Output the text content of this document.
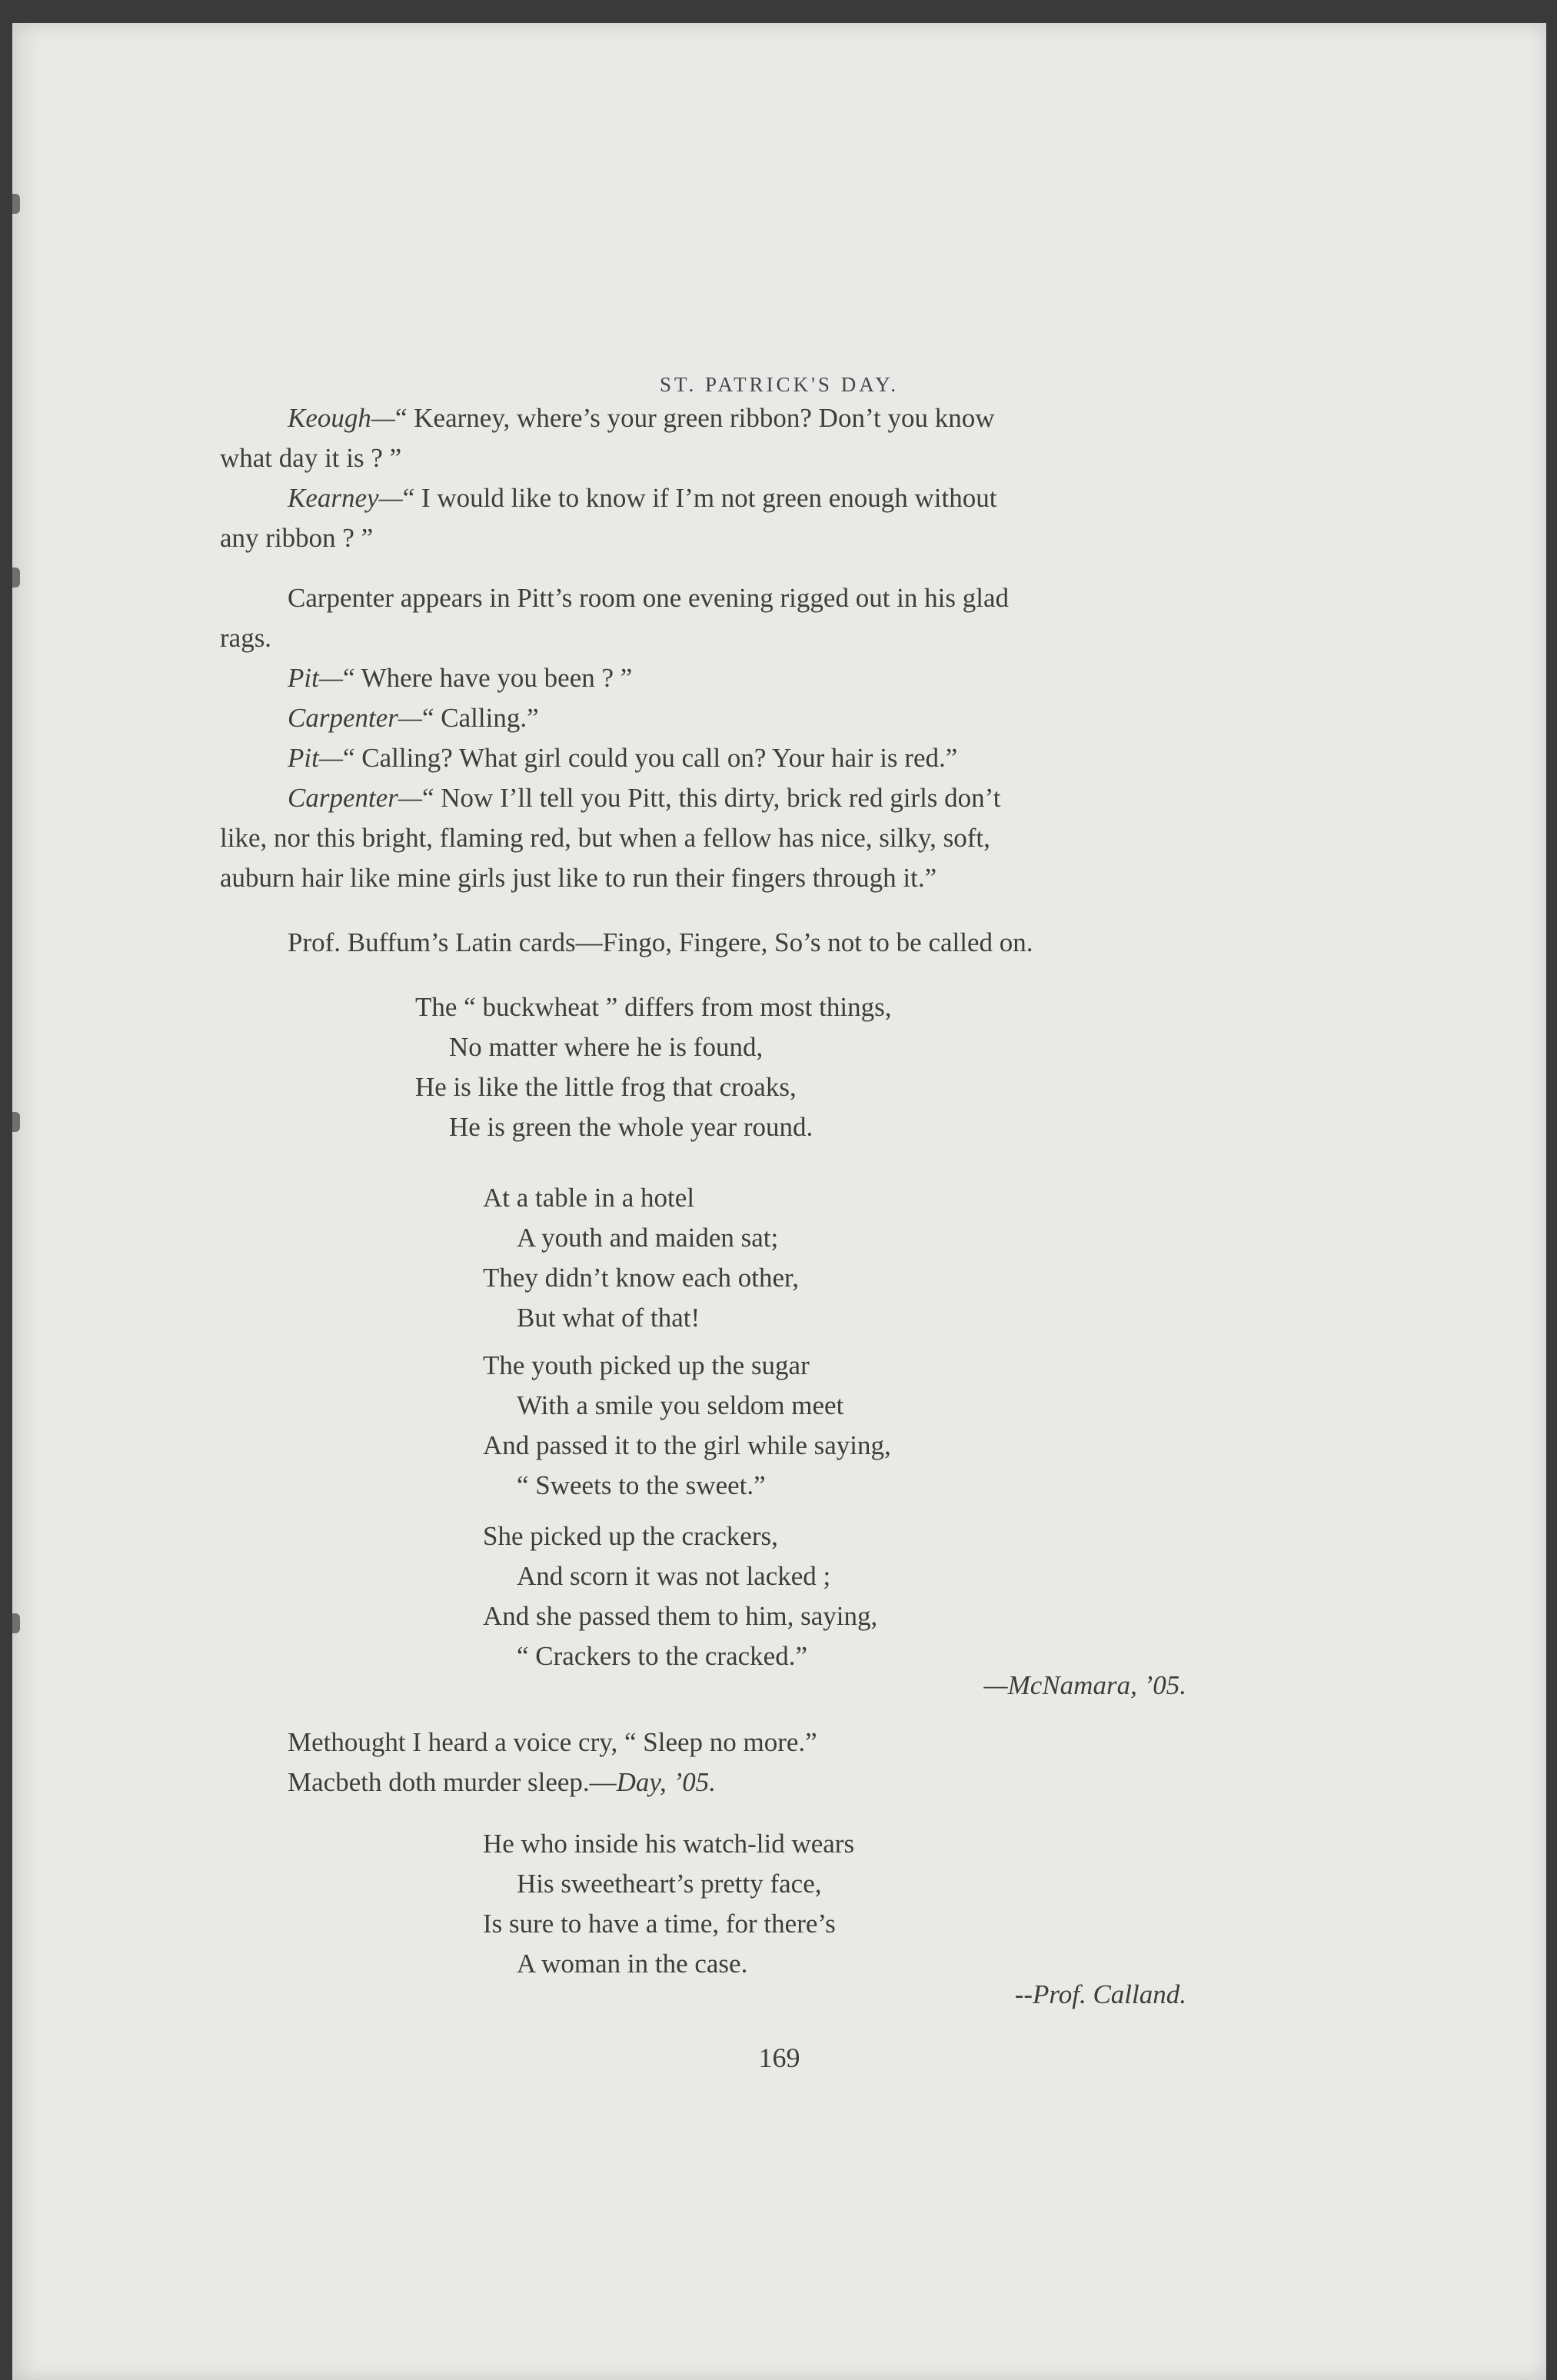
ST. PATRICK'S DAY.

Keough—“ Kearney, where’s your green ribbon? Don’t you know

what day it is ? ”

Kearney—“ I would like to know if I’m not green enough without

any ribbon ? ”

Carpenter appears in Pitt’s room one evening rigged out in his glad

rags.

Pit—“ Where have you been ? ”

Carpenter—“ Calling.”

Pit—“ Calling? What girl could you call on? Your hair is red.”

Carpenter—“ Now I’ll tell you Pitt, this dirty, brick red girls don’t

like, nor this bright, flaming red, but when a fellow has nice, silky, soft,

auburn hair like mine girls just like to run their fingers through it.”

Prof. Buffum’s Latin cards—Fingo, Fingere, So’s not to be called on.

The “ buckwheat ” differs from most things,
No matter where he is found,
He is like the little frog that croaks,
He is green the whole year round.
At a table in a hotel
A youth and maiden sat;
They didn’t know each other,
But what of that!
The youth picked up the sugar
With a smile you seldom meet
And passed it to the girl while saying,
“ Sweets to the sweet.”
She picked up the crackers,
And scorn it was not lacked ;
And she passed them to him, saying,
“ Crackers to the cracked.”
—McNamara, ’05.
Methought I heard a voice cry, “ Sleep no more.”
Macbeth doth murder sleep.—Day, ’05.
He who inside his watch-lid wears
His sweetheart’s pretty face,
Is sure to have a time, for there’s
A woman in the case.
--Prof. Calland.
169
